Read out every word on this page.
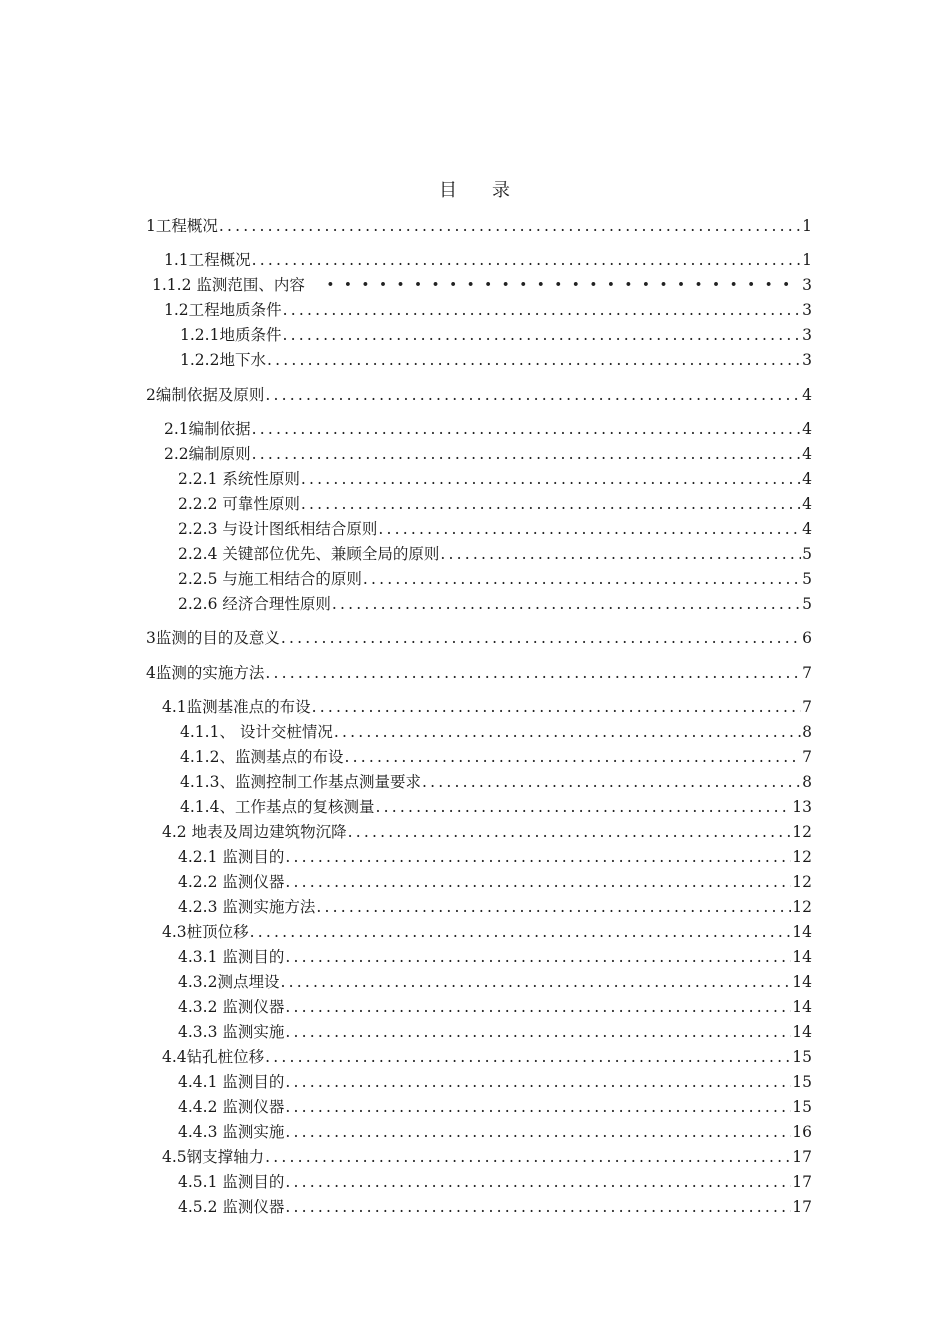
目 录
1工程概况 .....	1
1.1工程概况 .....	1
1.1.2 监测范围、内容 •••••	3
1.2工程地质条件 .....	3
1.2.1地质条件 .....	3
1.2.2地下水 .....	3
2编制依据及原则 .....	4
2.1编制依据 .....	4
2.2编制原则 .....	4
2.2.1 系统性原则 .....	4
2.2.2 可靠性原则 .....	4
2.2.3 与设计图纸相结合原则 .....	4
2.2.4 关键部位优先、兼顾全局的原则 .....	5
2.2.5 与施工相结合的原则 .....	5
2.2.6 经济合理性原则 .....	5
3监测的目的及意义 .....	6
4监测的实施方法 .....	7
4.1监测基准点的布设 .....	7
4.1.1、 设计交桩情况 .....	8
4.1.2、监测基点的布设 .....	7
4.1.3、监测控制工作基点测量要求 .....	8
4.1.4、工作基点的复核测量 .....	13
4.2 地表及周边建筑物沉降 .....	12
4.2.1 监测目的 .....	12
4.2.2 监测仪器 .....	12
4.2.3 监测实施方法 .....	12
4.3桩顶位移 .....	14
4.3.1 监测目的 .....	14
4.3.2测点埋设 .....	14
4.3.2 监测仪器 .....	14
4.3.3 监测实施 .....	14
4.4钻孔桩位移 .....	15
4.4.1 监测目的 .....	15
4.4.2 监测仪器 .....	15
4.4.3 监测实施 .....	16
4.5钢支撑轴力 .....	17
4.5.1 监测目的 .....	17
4.5.2 监测仪器 .....	17
